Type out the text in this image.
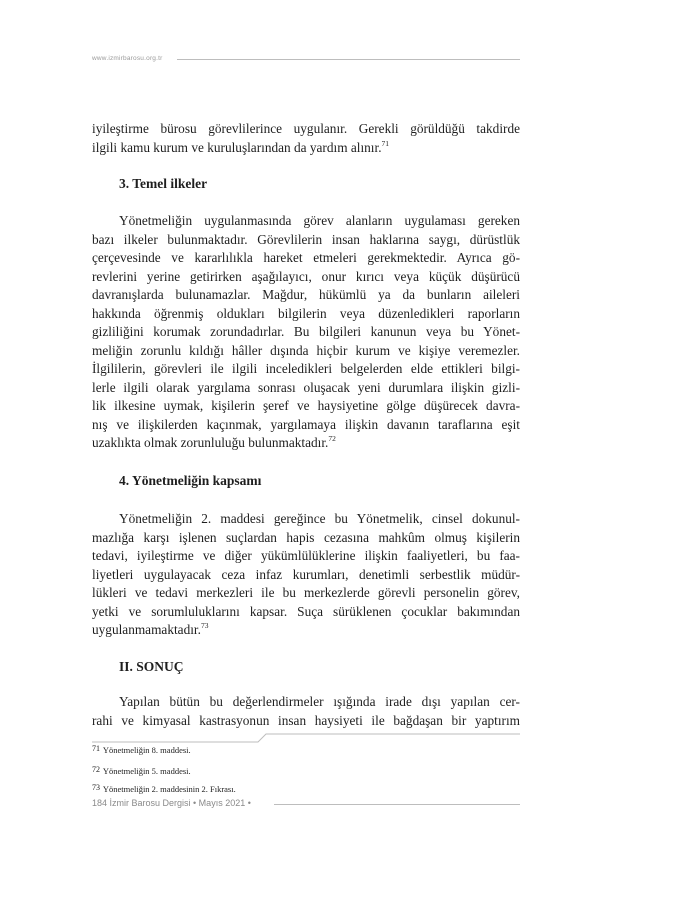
www.izmirbarosu.org.tr

iyileştirme bürosu görevlilerince uygulanır. Gerekli görüldüğü takdirde
ilgili kamu kurum ve kuruluşlarından da yardım alınır.$^{71}$

3. Temel ilkeler

Yönetmeliğin uygulanmasında görev alanların uygulaması gereken
bazı ilkeler bulunmaktadır. Görevlilerin insan haklarına saygı, dürüstlük
çerçevesinde ve kararlılıkla hareket etmeleri gerekmektedir. Ayrıca gö-
revlerini yerine getirirken aşağılayıcı, onur kırıcı veya küçük düşürücü
davranışlarda bulunamazlar. Mağdur, hükümlü ya da bunların aileleri
hakkında öğrenmiş oldukları bilgilerin veya düzenledikleri raporların
gizliliğini korumak zorundadırlar. Bu bilgileri kanunun veya bu Yönet-
meliğin zorunlu kıldığı hâller dışında hiçbir kurum ve kişiye veremezler.
İlgililerin, görevleri ile ilgili inceledikleri belgelerden elde ettikleri bilgi-
lerle ilgili olarak yargılama sonrası oluşacak yeni durumlara ilişkin gizli-
lik ilkesine uymak, kişilerin şeref ve haysiyetine gölge düşürecek davra-
nış ve ilişkilerden kaçınmak, yargılamaya ilişkin davanın taraflarına eşit
uzaklıkta olmak zorunluluğu bulunmaktadır.$^{72}$

4. Yönetmeliğin kapsamı

Yönetmeliğin 2. maddesi gereğince bu Yönetmelik, cinsel dokunul-
mazlığa karşı işlenen suçlardan hapis cezasına mahkûm olmuş kişilerin
tedavi, iyileştirme ve diğer yükümlülüklerine ilişkin faaliyetleri, bu faa-
liyetleri uygulayacak ceza infaz kurumları, denetimli serbestlik müdür-
lükleri ve tedavi merkezleri ile bu merkezlerde görevli personelin görev,
yetki ve sorumluluklarını kapsar. Suça sürüklenen çocuklar bakımından
uygulanmamaktadır.$^{73}$

II. SONUÇ

Yapılan bütün bu değerlendirmeler ışığında irade dışı yapılan cer-
rahi ve kimyasal kastrasyonun insan haysiyeti ile bağdaşan bir yaptırım

71 Yönetmeliğin 8. maddesi.
72 Yönetmeliğin 5. maddesi.
73 Yönetmeliğin 2. maddesinin 2. Fıkrası.
184 İzmir Barosu Dergisi • Mayıs 2021 •
